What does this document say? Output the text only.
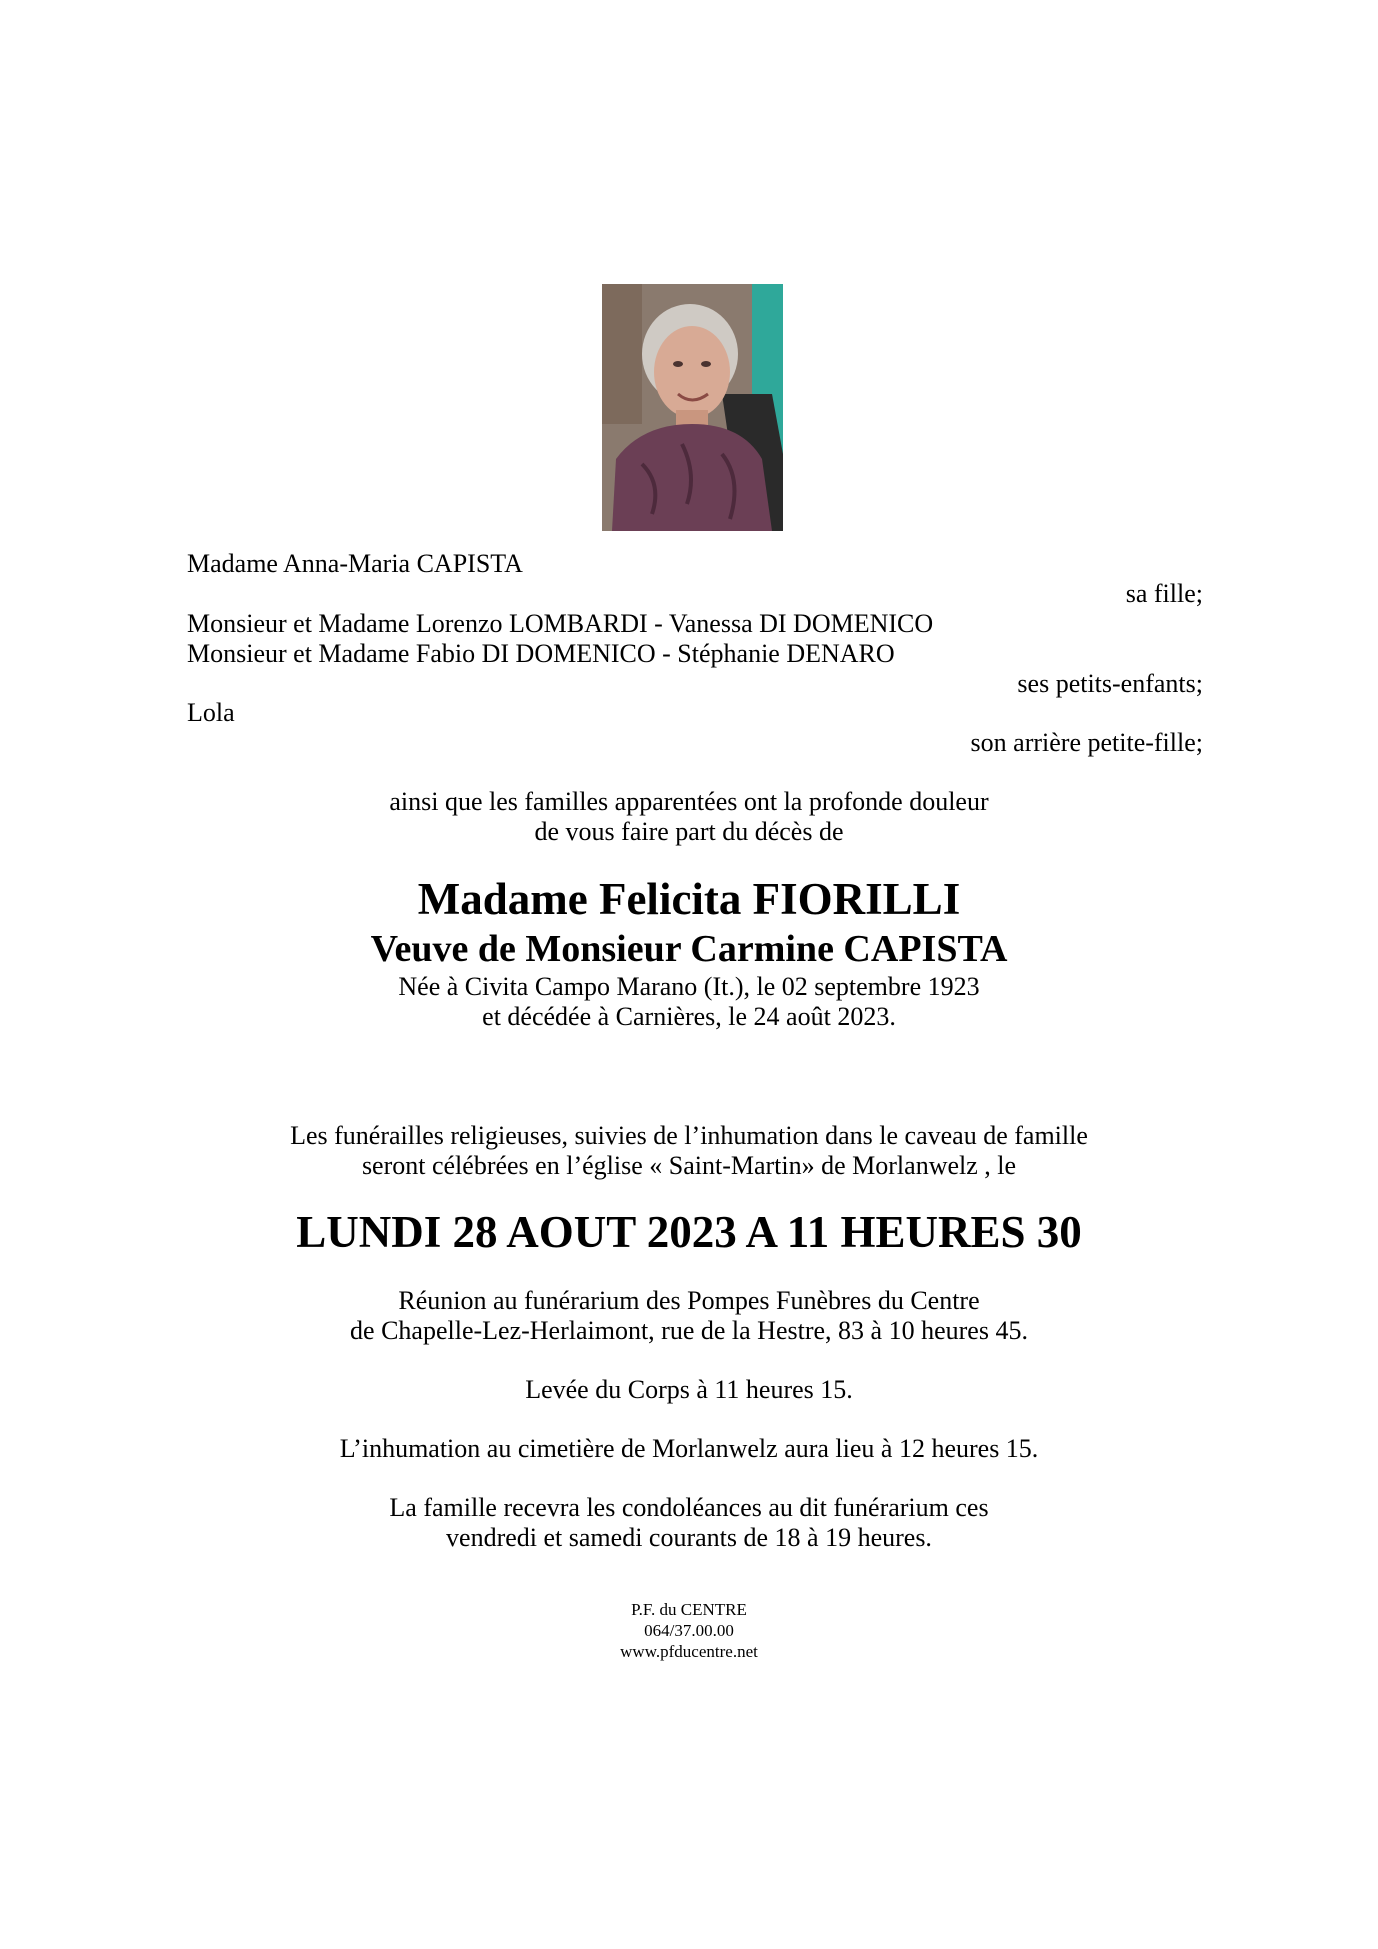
Madame Anna-Maria CAPISTA
sa fille;
Monsieur et Madame Lorenzo LOMBARDI - Vanessa DI DOMENICO
Monsieur et Madame Fabio DI DOMENICO - Stéphanie DENARO
ses petits-enfants;
Lola
son arrière petite-fille;
ainsi que les familles apparentées ont la profonde douleur
de vous faire part du décès de
Madame Felicita FIORILLI
Veuve de Monsieur Carmine CAPISTA
Née à Civita Campo Marano (It.), le 02 septembre 1923
et décédée à Carnières, le 24 août 2023.
Les funérailles religieuses, suivies de l’inhumation dans le caveau de famille
seront célébrées en l’église « Saint-Martin» de Morlanwelz , le
LUNDI 28 AOUT 2023 A 11 HEURES 30
Réunion au funérarium des Pompes Funèbres du Centre
de Chapelle-Lez-Herlaimont, rue de la Hestre, 83 à 10 heures 45.
Levée du Corps à 11 heures 15.
L’inhumation au cimetière de Morlanwelz aura lieu à 12 heures 15.
La famille recevra les condoléances au dit funérarium ces
vendredi et samedi courants de 18 à 19 heures.
P.F. du CENTRE
064/37.00.00
www.pfducentre.net
